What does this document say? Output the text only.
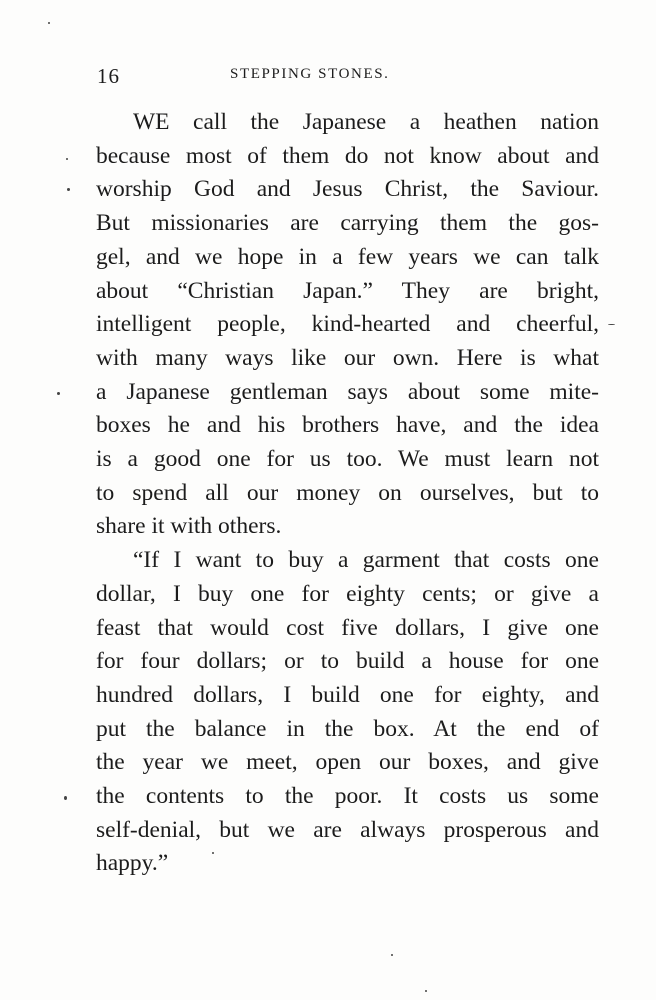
16	STEPPING STONES.
WE call the Japanese a heathen nation
because most of them do not know about and
worship God and Jesus Christ, the Saviour.
But missionaries are carrying them the gos-
gel, and we hope in a few years we can talk
about “Christian Japan.” They are bright,
intelligent people, kind-hearted and cheerful,
with many ways like our own. Here is what
a Japanese gentleman says about some mite-
boxes he and his brothers have, and the idea
is a good one for us too. We must learn not
to spend all our money on ourselves, but to
share it with others.
“If I want to buy a garment that costs one
dollar, I buy one for eighty cents; or give a
feast that would cost five dollars, I give one
for four dollars; or to build a house for one
hundred dollars, I build one for eighty, and
put the balance in the box. At the end of
the year we meet, open our boxes, and give
the contents to the poor. It costs us some
self-denial, but we are always prosperous and
happy.”
